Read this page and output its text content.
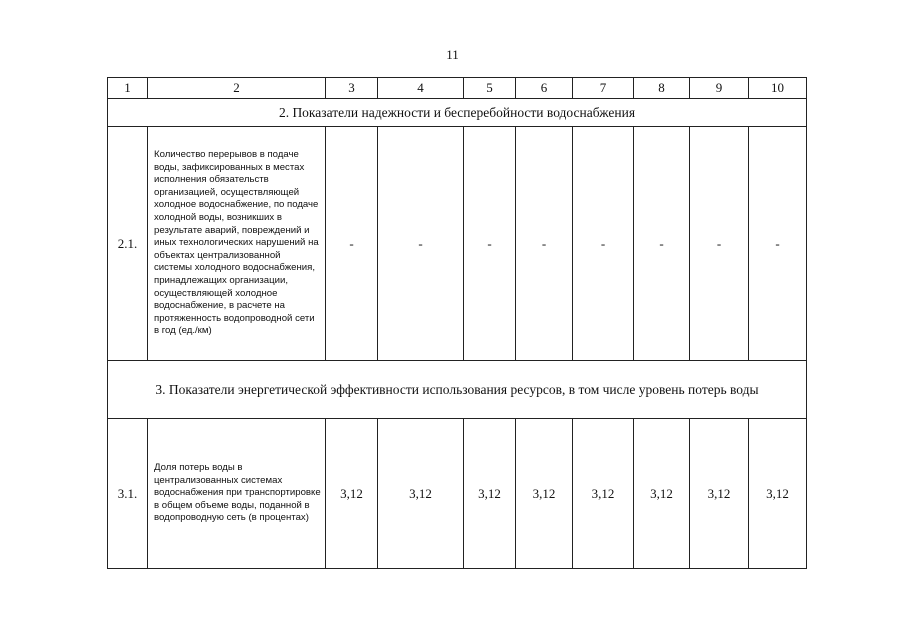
11
1	2	3	4	5	6	7	8	9	10
2. Показатели надежности и бесперебойности водоснабжения									
2.1.	Количество перерывов в подаче воды, зафиксированных в местах исполнения обязательств организацией, осуществляющей холодное водоснабжение, по подаче холодной воды, возникших в результате аварий, повреждений и иных технологических нарушений на объектах централизованной системы холодного водоснабжения, принадлежащих организации, осуществляющей холодное водоснабжение, в расчете на протяженность водопроводной сети в год (ед./км)	-	-	-	-	-	-	-	-
3. Показатели энергетической эффективности использования ресурсов, в том числе уровень потерь воды									
3.1.	Доля потерь воды в централизованных системах водоснабжения при транспортировке в общем объеме воды, поданной в водопроводную сеть (в процентах)	3,12	3,12	3,12	3,12	3,12	3,12	3,12	3,12
